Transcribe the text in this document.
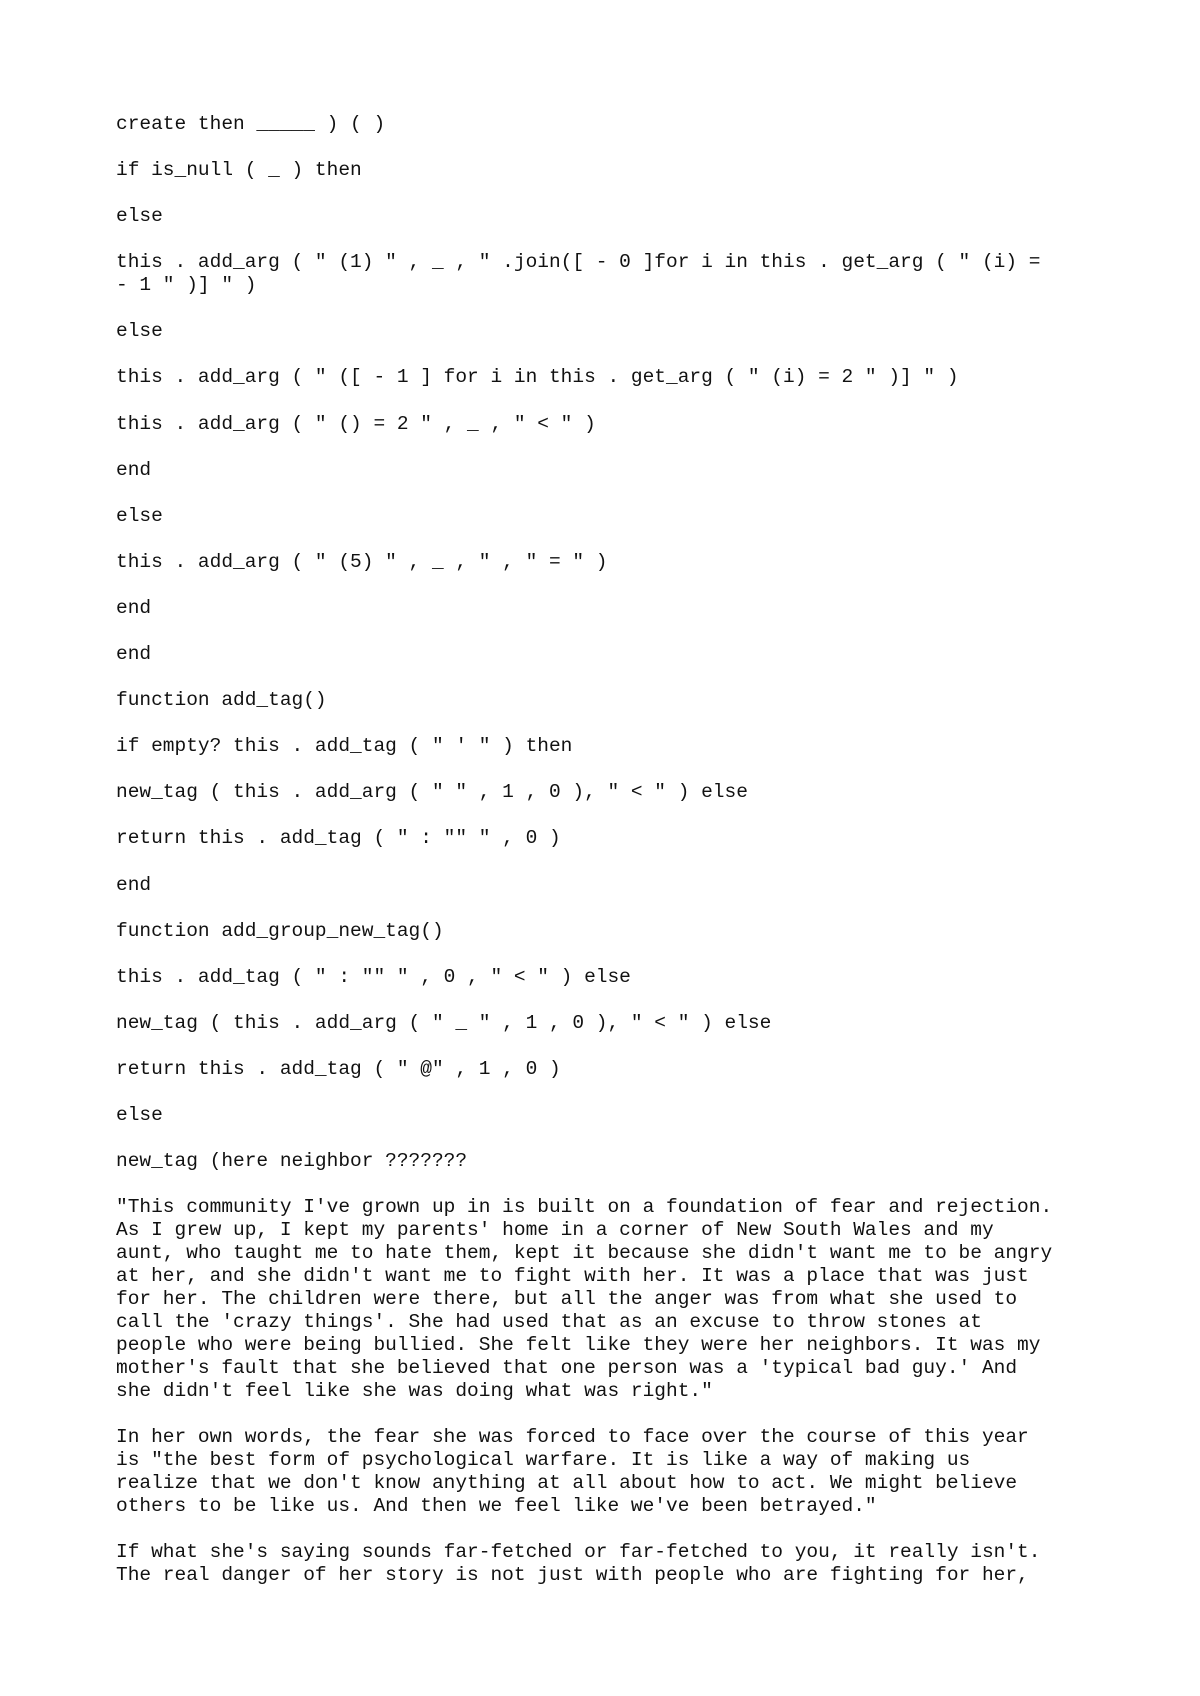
create then _____ ) ( )
if is_null ( _ ) then
else
this . add_arg ( " (1) " , _ , " .join([ - 0 ]for i in this . get_arg ( " (i) =
- 1 " )] " )
else
this . add_arg ( " ([ - 1 ] for i in this . get_arg ( " (i) = 2 " )] " )
this . add_arg ( " () = 2 " , _ , " < " )
end
else
this . add_arg ( " (5) " , _ , " , " = " )
end
end
function add_tag()
if empty? this . add_tag ( " ' " ) then
new_tag ( this . add_arg ( " " , 1 , 0 ), " < " ) else
return this . add_tag ( " : "" " , 0 )
end
function add_group_new_tag()
this . add_tag ( " : "" " , 0 , " < " ) else
new_tag ( this . add_arg ( " _ " , 1 , 0 ), " < " ) else
return this . add_tag ( " @" , 1 , 0 )
else
new_tag (here neighbor ???????
"This community I've grown up in is built on a foundation of fear and rejection.
As I grew up, I kept my parents' home in a corner of New South Wales and my
aunt, who taught me to hate them, kept it because she didn't want me to be angry
at her, and she didn't want me to fight with her. It was a place that was just
for her. The children were there, but all the anger was from what she used to
call the 'crazy things'. She had used that as an excuse to throw stones at
people who were being bullied. She felt like they were her neighbors. It was my
mother's fault that she believed that one person was a 'typical bad guy.' And
she didn't feel like she was doing what was right."
In her own words, the fear she was forced to face over the course of this year
is "the best form of psychological warfare. It is like a way of making us
realize that we don't know anything at all about how to act. We might believe
others to be like us. And then we feel like we've been betrayed."
If what she's saying sounds far-fetched or far-fetched to you, it really isn't.
The real danger of her story is not just with people who are fighting for her,
